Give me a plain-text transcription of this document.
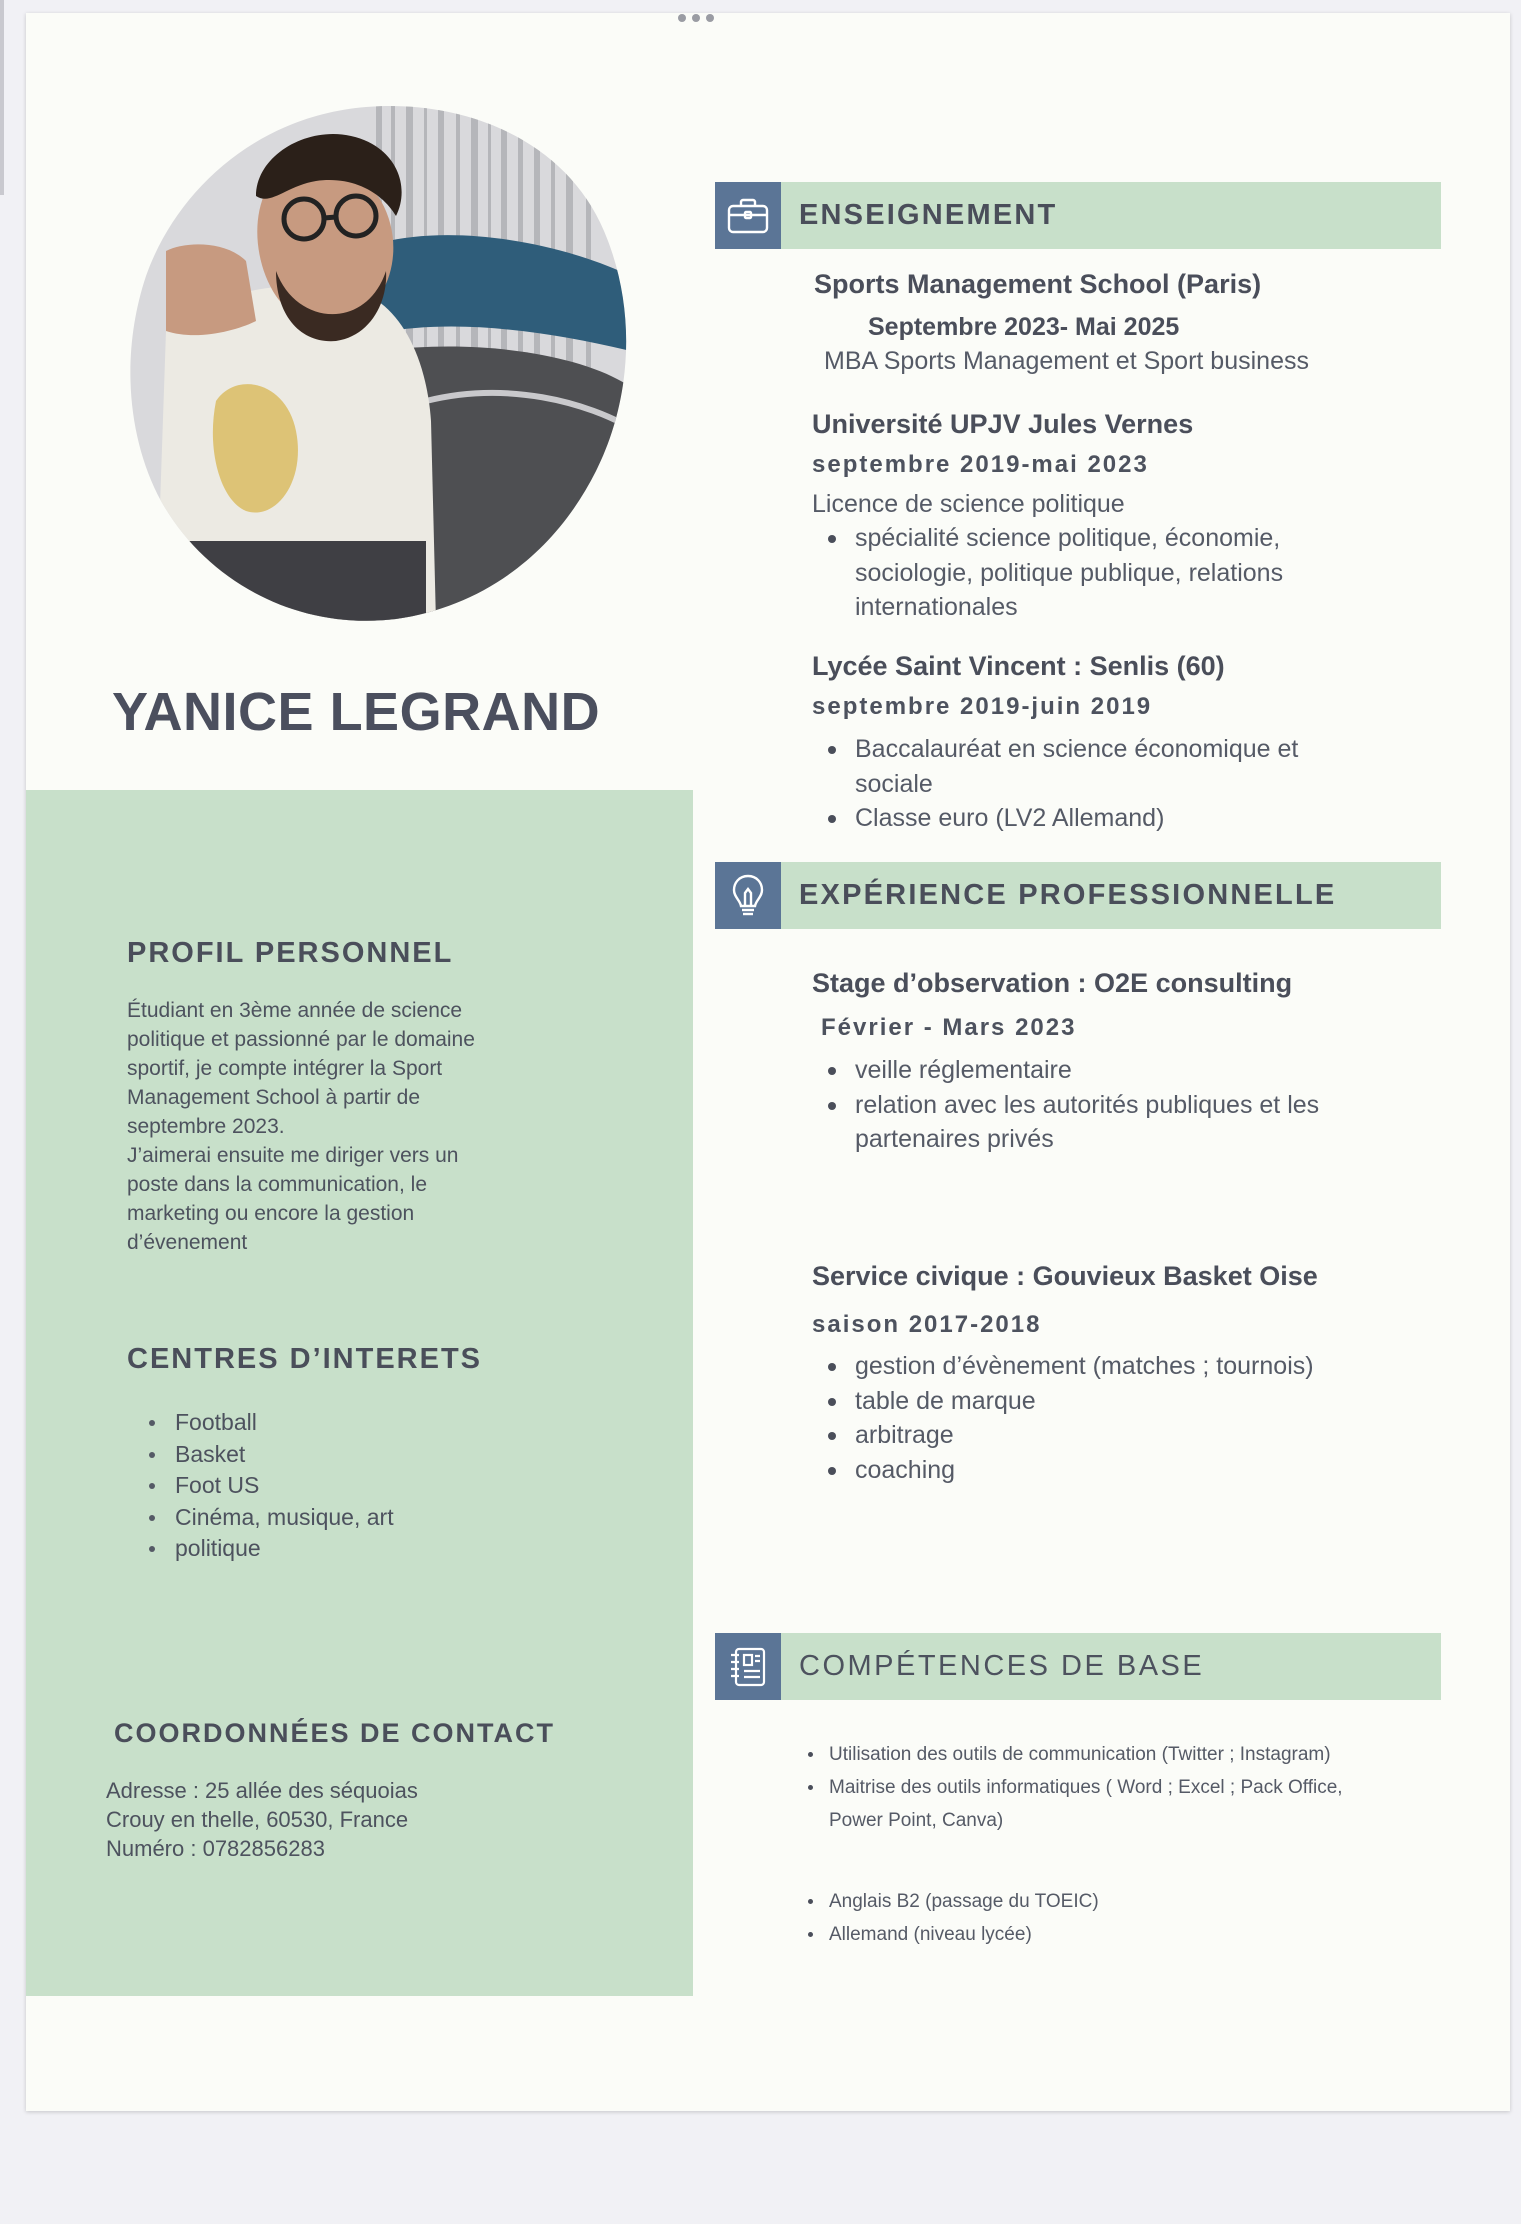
YANICE LEGRAND
PROFIL PERSONNEL
Étudiant en 3ème année de science
politique et passionné par le domaine
sportif, je compte intégrer la Sport
Management School à partir de
septembre 2023.
J’aimerai ensuite me diriger vers un
poste dans la communication, le
marketing ou encore la gestion
d’évenement
CENTRES D’INTERETS
Football
Basket
Foot US
Cinéma, musique, art
politique
COORDONNÉES DE CONTACT
Adresse : 25 allée des séquoias
Crouy en thelle, 60530, France
Numéro : 0782856283
ENSEIGNEMENT
Sports Management School (Paris)
Septembre 2023- Mai 2025
MBA Sports Management et Sport business
Université UPJV Jules Vernes
septembre 2019-mai 2023
Licence de science politique
spécialité science politique, économie,
sociologie, politique publique, relations
internationales
Lycée Saint Vincent : Senlis (60)
septembre 2019-juin 2019
Baccalauréat en science économique et
sociale
Classe euro (LV2 Allemand)
EXPÉRIENCE PROFESSIONNELLE
Stage d’observation : O2E consulting
Février - Mars 2023
veille réglementaire
relation avec les autorités publiques et les
partenaires privés
Service civique : Gouvieux Basket Oise
saison 2017-2018
gestion d’évènement (matches ; tournois)
table de marque
arbitrage
coaching
COMPÉTENCES DE BASE
Utilisation des outils de communication (Twitter ; Instagram)
Maitrise des outils informatiques ( Word ; Excel ; Pack Office,
Power Point, Canva)
Anglais B2 (passage du TOEIC)
Allemand (niveau lycée)
